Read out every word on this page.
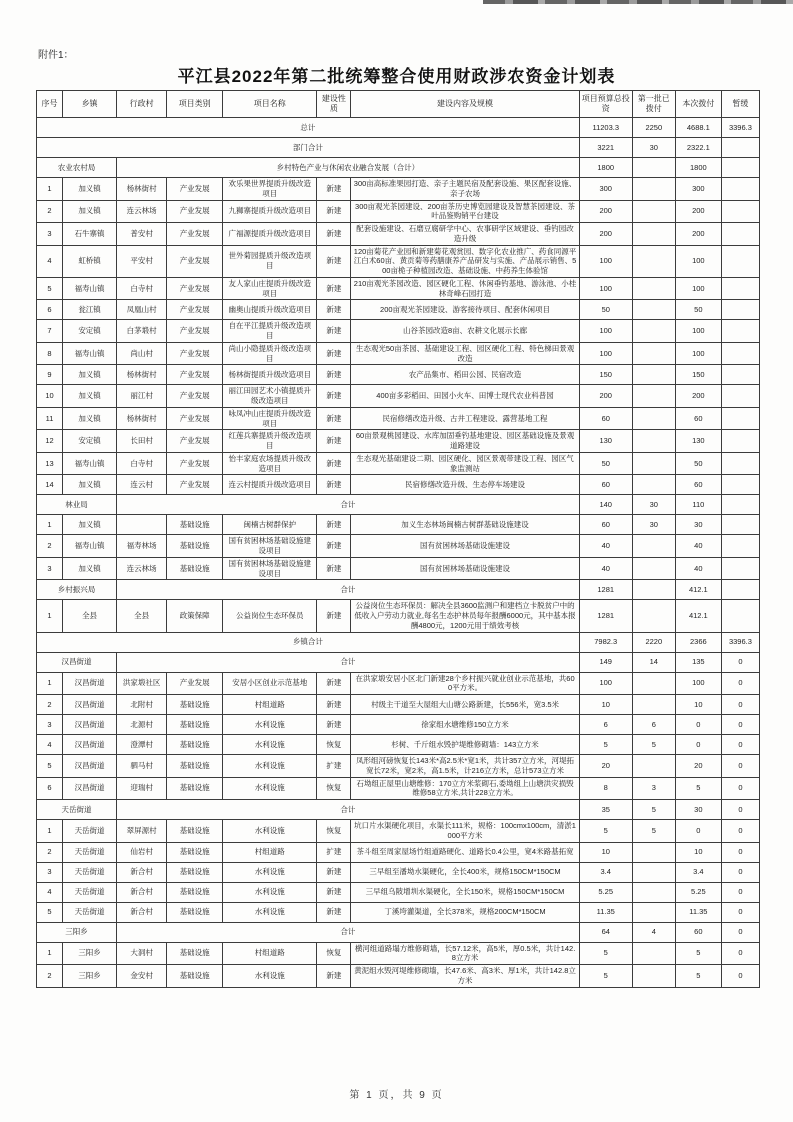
附件1：
平江县2022年第二批统筹整合使用财政涉农资金计划表
序号	乡镇	行政村	项目类别	项目名称	建设性质	建设内容及规模	项目预算总投资	第一批已拨付	本次拨付	暂缓
总计							11203.3	2250	4688.1	3396.3
部门合计							3221	30	2322.1	
农业农村局		乡村特色产业与休闲农业融合发展（合计）					1800		1800	
1	加义镇	杨林街村	产业发展	欢乐果世界提质升级改造项目	新建	300亩高标准果园打造、亲子主题民宿及配套设施、果区配套设施、亲子农场	300		300	
2	加义镇	连云林场	产业发展	九狮寨提质升级改造项目	新建	300亩观光茶园建设、200亩茶历史博览园建设及智慧茶园建设、茶叶品鉴购销平台建设	200		200	
3	石牛寨镇	普安村	产业发展	广福源提质升级改造项目	新建	配套设施建设、石磨豆腐研学中心、农事研学区域建设、垂钓园改造升级	200		200	
4	虹桥镇	平安村	产业发展	世外菊园提质升级改造项目	新建	120亩菊花产业园和新建菊花观赏园、数字化农业推广、药食同源平江白术60亩、黄贡菊等药膳康养产品研发与实施、产品展示销售、500亩桅子种植园改造、基础设施、中药养生体验馆	100		100	
5	福寿山镇	白寺村	产业发展	友人家山庄提质升级改造项目	新建	210亩观光茶园改造、园区硬化工程、休闲垂钓基地、游泳池、小桂林奇峰石园打造	100		100	
6	瓮江镇	凤凰山村	产业发展	幽奥山提质升级改造项目	新建	200亩观光茶园建设、游客接待项目、配套休闲项目	50		50	
7	安定镇	白茅塅村	产业发展	自在平江提质升级改造项目	新建	山谷茶园改造8亩、农耕文化展示长廊	100		100	
8	福寿山镇	尚山村	产业发展	尚山小隐提质升级改造项目	新建	生态观光50亩茶园、基础建设工程、园区硬化工程、特色梯田景观改造	100		100	
9	加义镇	杨林街村	产业发展	杨林街提质升级改造项目	新建	农产品集市、稻田公园、民宿改造	150		150	
10	加义镇	丽江村	产业发展	丽江田园艺术小镇提质升级改造项目	新建	400亩多彩稻田、田园小火车、田博士现代农业科普园	200		200	
11	加义镇	杨林街村	产业发展	咏凤冲山庄提质升级改造项目	新建	民宿修缮改造升级、古井工程建设、露营基地工程	60		60	
12	安定镇	长田村	产业发展	红莲兵寨提质升级改造项目	新建	60亩景观桃园建设、水库加固垂钓基地建设、园区基础设施及景观道路建设	130		130	
13	福寿山镇	白寺村	产业发展	怡丰家庭农场提质升级改造项目	新建	生态观光基础建设二期、园区硬化、园区景观带建设工程、园区气象监测站	50		50	
14	加义镇	连云村	产业发展	连云村提质升级改造项目	新建	民宿修缮改造升级、生态停车场建设	60		60	
林业局		合计					140	30	110	
1	加义镇		基础设施	闽楠古树群保护	新建	加义生态林场闽楠古树群基础设施建设	60	30	30	
2	福寿山镇	福寿林场	基础设施	国有贫困林场基础设施建设项目	新建	国有贫困林场基础设施建设	40		40	
3	加义镇	连云林场	基础设施	国有贫困林场基础设施建设项目	新建	国有贫困林场基础设施建设	40		40	
乡村振兴局		合计					1281		412.1	
1	全县	全县	政策保障	公益岗位生态环保员	新建	公益岗位生态环保员：解决全县3600监测户和建档立卡脱贫户中的低收入户劳动力就业,每名生态护林员每年报酬6000元，其中基本报酬4800元，1200元用于绩效考核	1281		412.1	
乡镇合计							7982.3	2220	2366	3396.3
汉昌街道		合计					149	14	135	0
1	汉昌街道	洪家塅社区	产业发展	安居小区创业示范基地	新建	在洪家塅安居小区北门新建28个乡村振兴就业创业示范基地，共600平方米。	100		100	0
2	汉昌街道	北附村	基础设施	村组道路	新建	村级主干道至大屋组大山塘公路新建，长556米，宽3.5米	10		10	0
3	汉昌街道	北源村	基础设施	水利设施	新建	徐家组水塘维修150立方米	6	6	0	0
4	汉昌街道	澄潭村	基础设施	水利设施	恢复	杉树、千斤组水毁护堤维修砌墙：143立方米	5	5	0	0
5	汉昌街道	驷马村	基础设施	水利设施	扩建	凤形组河磅恢复长143米*高2.5米*宽1米，共计357立方米，河堤拓宽长72米，宽2米，高1.5米，计216立方米，总计573立方米	20		20	0
6	汉昌街道	迎瑞村	基础设施	水利设施	恢复	石坳组正屋里山塘维修：170立方米浆砌石,委坳组上山塘洪灾损毁维修58立方米,共计228立方米。	8	3	5	0
天岳街道		合计					35	5	30	0
1	天岳街道	翠屏源村	基础设施	水利设施	恢复	坑口片水渠硬化项目，水渠长111米，规格：100cmx100cm，清淤1000平方米	5	5	0	0
2	天岳街道	仙岩村	基础设施	村组道路	扩建	茶斗组至周家屋场竹组道路硬化、道路长0.4公里，宽4米路基拓宽	10		10	0
3	天岳街道	新合村	基础设施	水利设施	新建	三早组至潘坳水渠硬化，全长400米，规格150CM*150CM	3.4		3.4	0
4	天岳街道	新合村	基础设施	水利设施	新建	三早组乌陂增圳水渠硬化，全长150米，规格150CM*150CM	5.25		5.25	0
5	天岳街道	新合村	基础设施	水利设施	新建	丁溪垮灌渠道，全长378米，规格200CM*150CM	11.35		11.35	0
三阳乡		合计					64	4	60	0
1	三阳乡	大洞村	基础设施	村组道路	恢复	横河组道路塌方维修砌墙，长57.12米，高5米，厚0.5米，共计142.8立方米	5		5	0
2	三阳乡	金安村	基础设施	水利设施	新建	黄泥组水毁河堤维修砌墙，长47.6米、高3米、厚1米，共计142.8立方米	5		5	0
第 1 页，共 9 页
